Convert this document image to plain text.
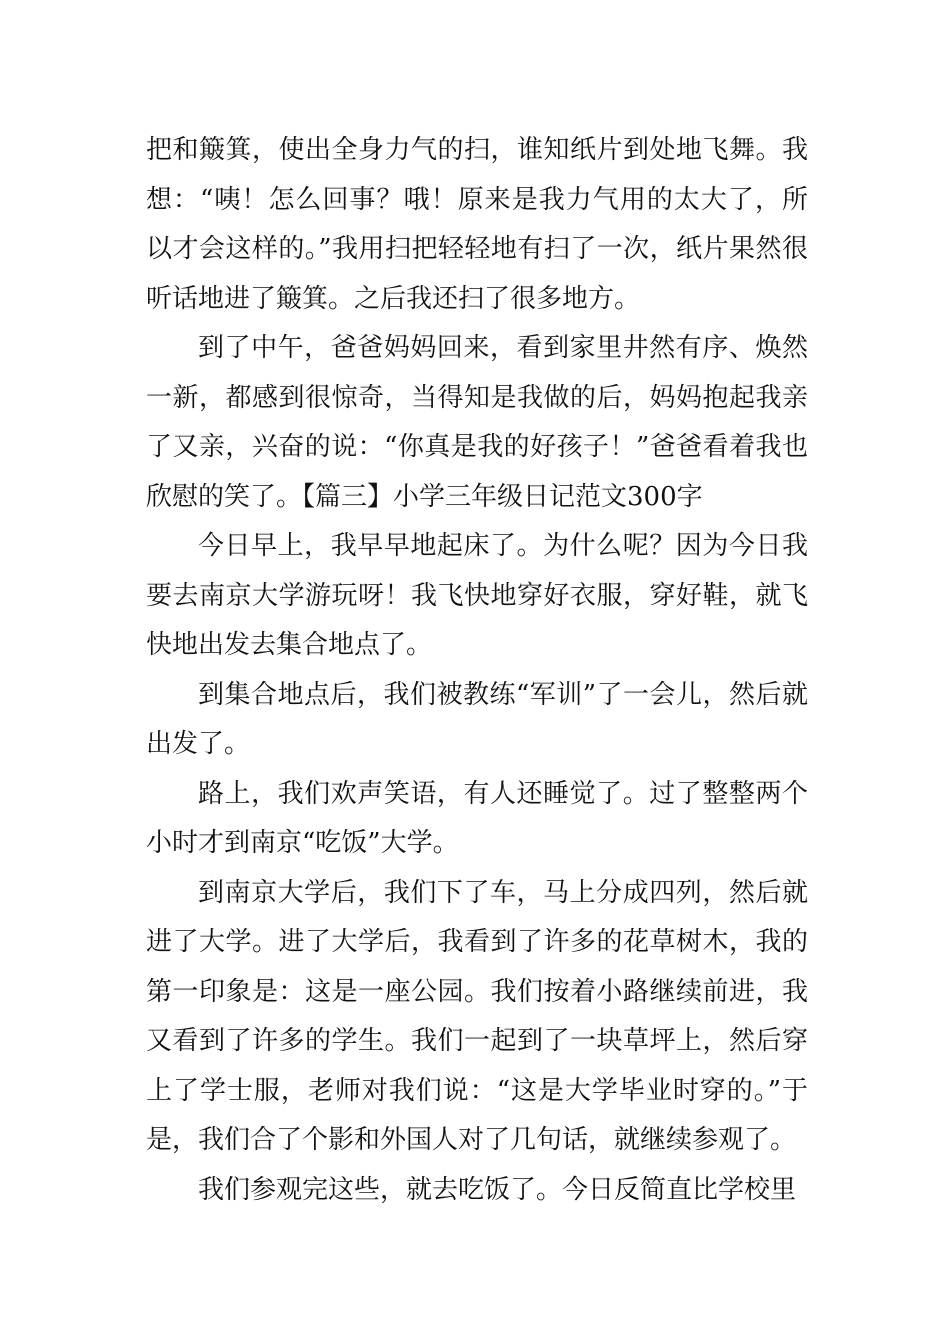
把和簸箕，使出全身力气的扫，谁知纸片到处地飞舞。我想：“咦！怎么回事？哦！原来是我力气用的太大了，所以才会这样的。”我用扫把轻轻地有扫了一次，纸片果然很听话地进了簸箕。之后我还扫了很多地方。

到了中午，爸爸妈妈回来，看到家里井然有序、焕然一新，都感到很惊奇，当得知是我做的后，妈妈抱起我亲了又亲，兴奋的说：“你真是我的好孩子！”爸爸看着我也欣慰的笑了。【篇三】小学三年级日记范文300字

今日早上，我早早地起床了。为什么呢？因为今日我要去南京大学游玩呀！我飞快地穿好衣服，穿好鞋，就飞快地出发去集合地点了。

到集合地点后，我们被教练“军训”了一会儿，然后就出发了。

路上，我们欢声笑语，有人还睡觉了。过了整整两个小时才到南京“吃饭”大学。

到南京大学后，我们下了车，马上分成四列，然后就进了大学。进了大学后，我看到了许多的花草树木，我的第一印象是：这是一座公园。我们按着小路继续前进，我又看到了许多的学生。我们一起到了一块草坪上，然后穿上了学士服，老师对我们说：“这是大学毕业时穿的。”于是，我们合了个影和外国人对了几句话，就继续参观了。

我们参观完这些，就去吃饭了。今日反简直比学校里
